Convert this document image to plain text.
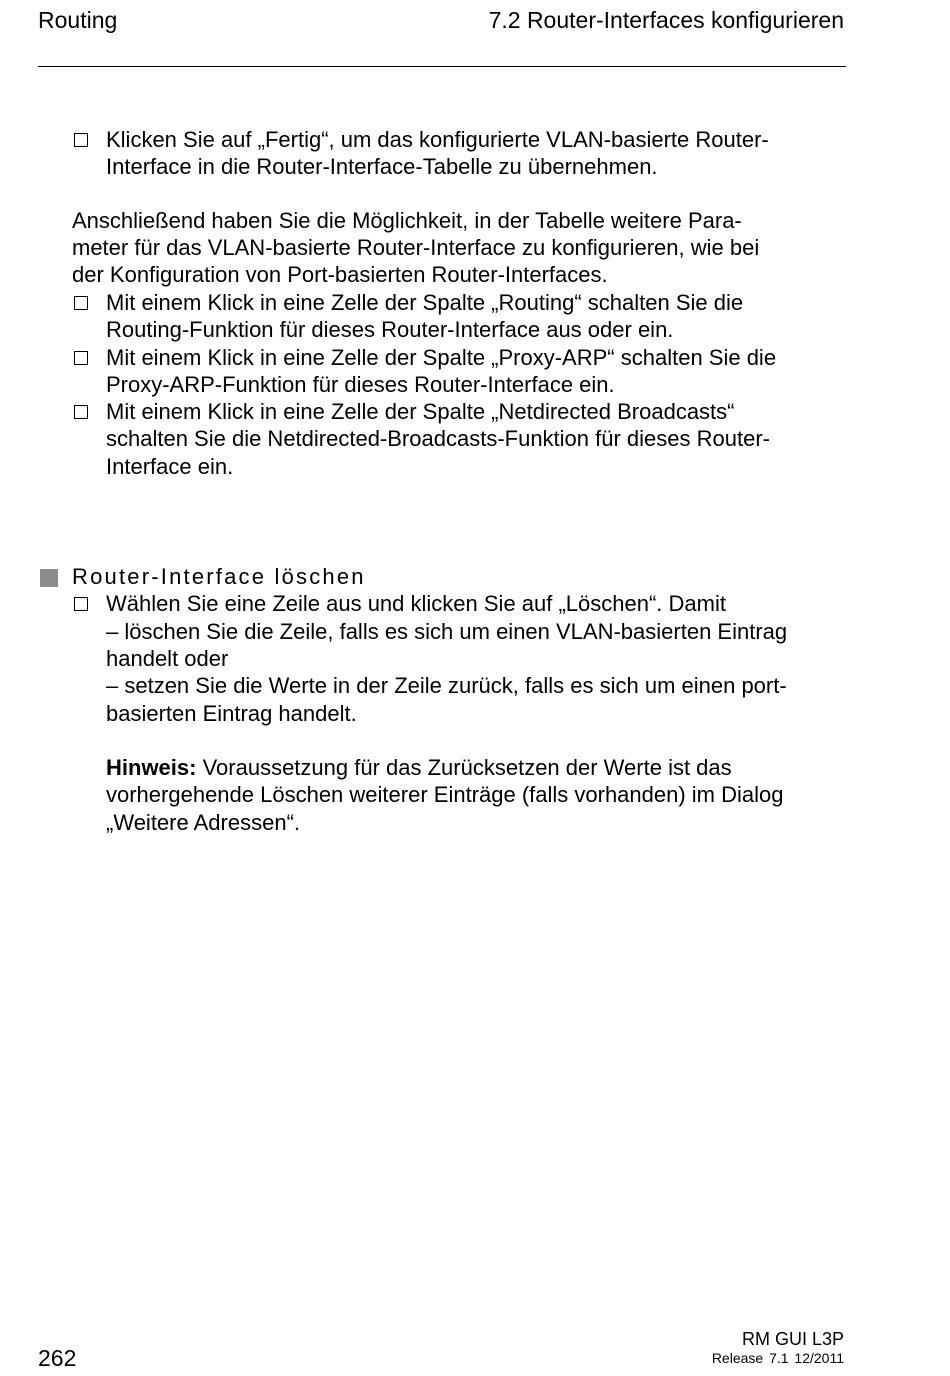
Routing	7.2 Router-Interfaces konfigurieren
Klicken Sie auf „Fertig“, um das konfigurierte VLAN-basierte Router-
Interface in die Router-Interface-Tabelle zu übernehmen.
Anschließend haben Sie die Möglichkeit, in der Tabelle weitere Para-
meter für das VLAN-basierte Router-Interface zu konfigurieren, wie bei
der Konfiguration von Port-basierten Router-Interfaces.
Mit einem Klick in eine Zelle der Spalte „Routing“ schalten Sie die
Routing-Funktion für dieses Router-Interface aus oder ein.
Mit einem Klick in eine Zelle der Spalte „Proxy-ARP“ schalten Sie die
Proxy-ARP-Funktion für dieses Router-Interface ein.
Mit einem Klick in eine Zelle der Spalte „Netdirected Broadcasts“
schalten Sie die Netdirected-Broadcasts-Funktion für dieses Router-
Interface ein.
Router-Interface löschen
Wählen Sie eine Zeile aus und klicken Sie auf „Löschen“. Damit
– löschen Sie die Zeile, falls es sich um einen VLAN-basierten Eintrag
handelt oder
– setzen Sie die Werte in der Zeile zurück, falls es sich um einen port-
basierten Eintrag handelt.
Hinweis: Voraussetzung für das Zurücksetzen der Werte ist das
vorhergehende Löschen weiterer Einträge (falls vorhanden) im Dialog
„Weitere Adressen“.
262
RM GUI L3P
Release 7.1 12/2011
